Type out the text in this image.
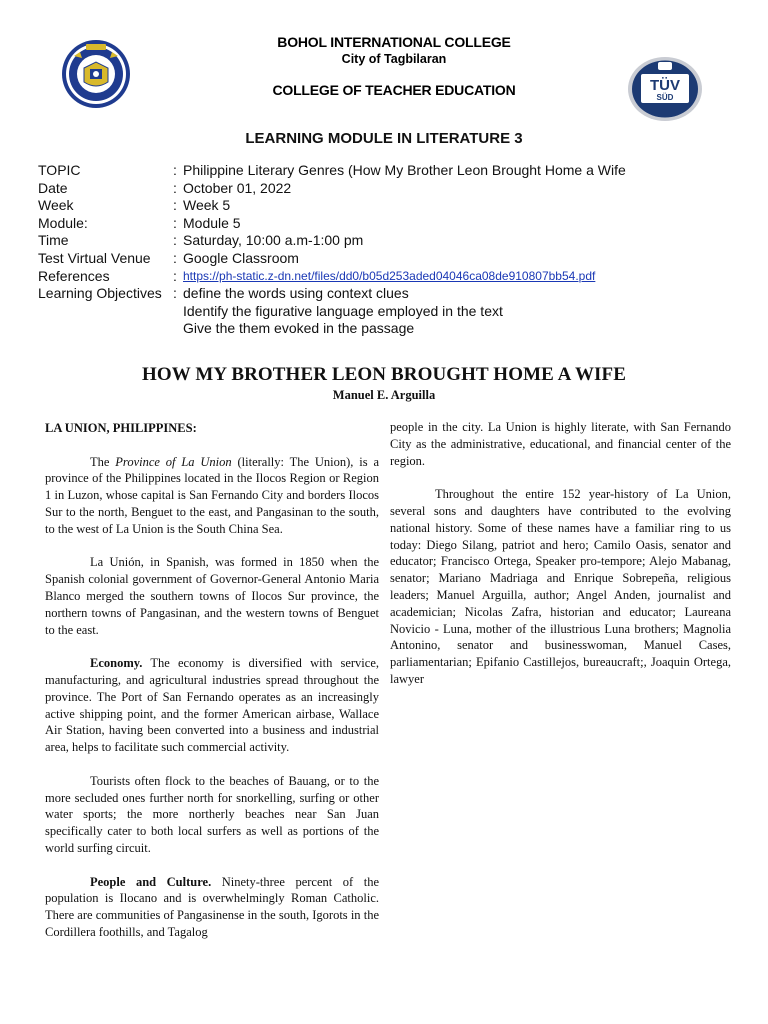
BOHOL INTERNATIONAL COLLEGE
City of Tagbilaran
COLLEGE OF TEACHER EDUCATION	TÜV
SÜD
LEARNING MODULE IN LITERATURE 3
TOPIC	: Philippine Literary Genres (How My Brother Leon Brought Home a Wife
Date	: October 01, 2022
Week	: Week 5
Module:	: Module 5
Time	: Saturday, 10:00 a.m-1:00 pm
Test Virtual Venue	: Google Classroom
References	: https://ph-static.z-dn.net/files/dd0/b05d253aded04046ca08de910807bb54.pdf
Learning Objectives : define the words using context clues
Identify the figurative language employed in the text
Give the them evoked in the passage
HOW MY BROTHER LEON BROUGHT HOME A WIFE
Manuel E. Arguilla

LA UNION, PHILIPPINES:

The Province of La Union (literally: The Union), is a province of the Philippines located in the Ilocos Region or Region 1 in Luzon, whose capital is San Fernando City and borders Ilocos Sur to the north, Benguet to the east, and Pangasinan to the south, to the west of La Union is the South China Sea.

La Unión, in Spanish, was formed in 1850 when the Spanish colonial government of Governor-General Antonio Maria Blanco merged the southern towns of Ilocos Sur province, the northern towns of Pangasinan, and the western towns of Benguet to the east.

Economy. The economy is diversified with service, manufacturing, and agricultural industries spread throughout the province. The Port of San Fernando operates as an increasingly active shipping point, and the former American airbase, Wallace Air Station, having been converted into a business and industrial area, helps to facilitate such commercial activity.

Tourists often flock to the beaches of Bauang, or to the more secluded ones further north for snorkelling, surfing or other water sports; the more northerly beaches near San Juan specifically cater to both local surfers as well as portions of the world surfing circuit.

People and Culture. Ninety-three percent of the population is Ilocano and is overwhelmingly Roman Catholic. There are communities of Pangasinense in the south, Igorots in the Cordillera foothills, and Tagalog

people in the city. La Union is highly literate, with San Fernando City as the administrative, educational, and financial center of the region.

Throughout the entire 152 year-history of La Union, several sons and daughters have contributed to the evolving national history. Some of these names have a familiar ring to us today: Diego Silang, patriot and hero; Camilo Oasis, senator and educator; Francisco Ortega, Speaker pro-tempore; Alejo Mabanag, senator; Mariano Madriaga and Enrique Sobrepeña, religious leaders; Manuel Arguilla, author; Angel Anden, journalist and academician; Nicolas Zafra, historian and educator; Laureana Novicio - Luna, mother of the illustrious Luna brothers; Magnolia Antonino, senator and businesswoman, Manuel Cases, parliamentarian; Epifanio Castillejos, bureaucraft;, Joaquin Ortega, lawyer
